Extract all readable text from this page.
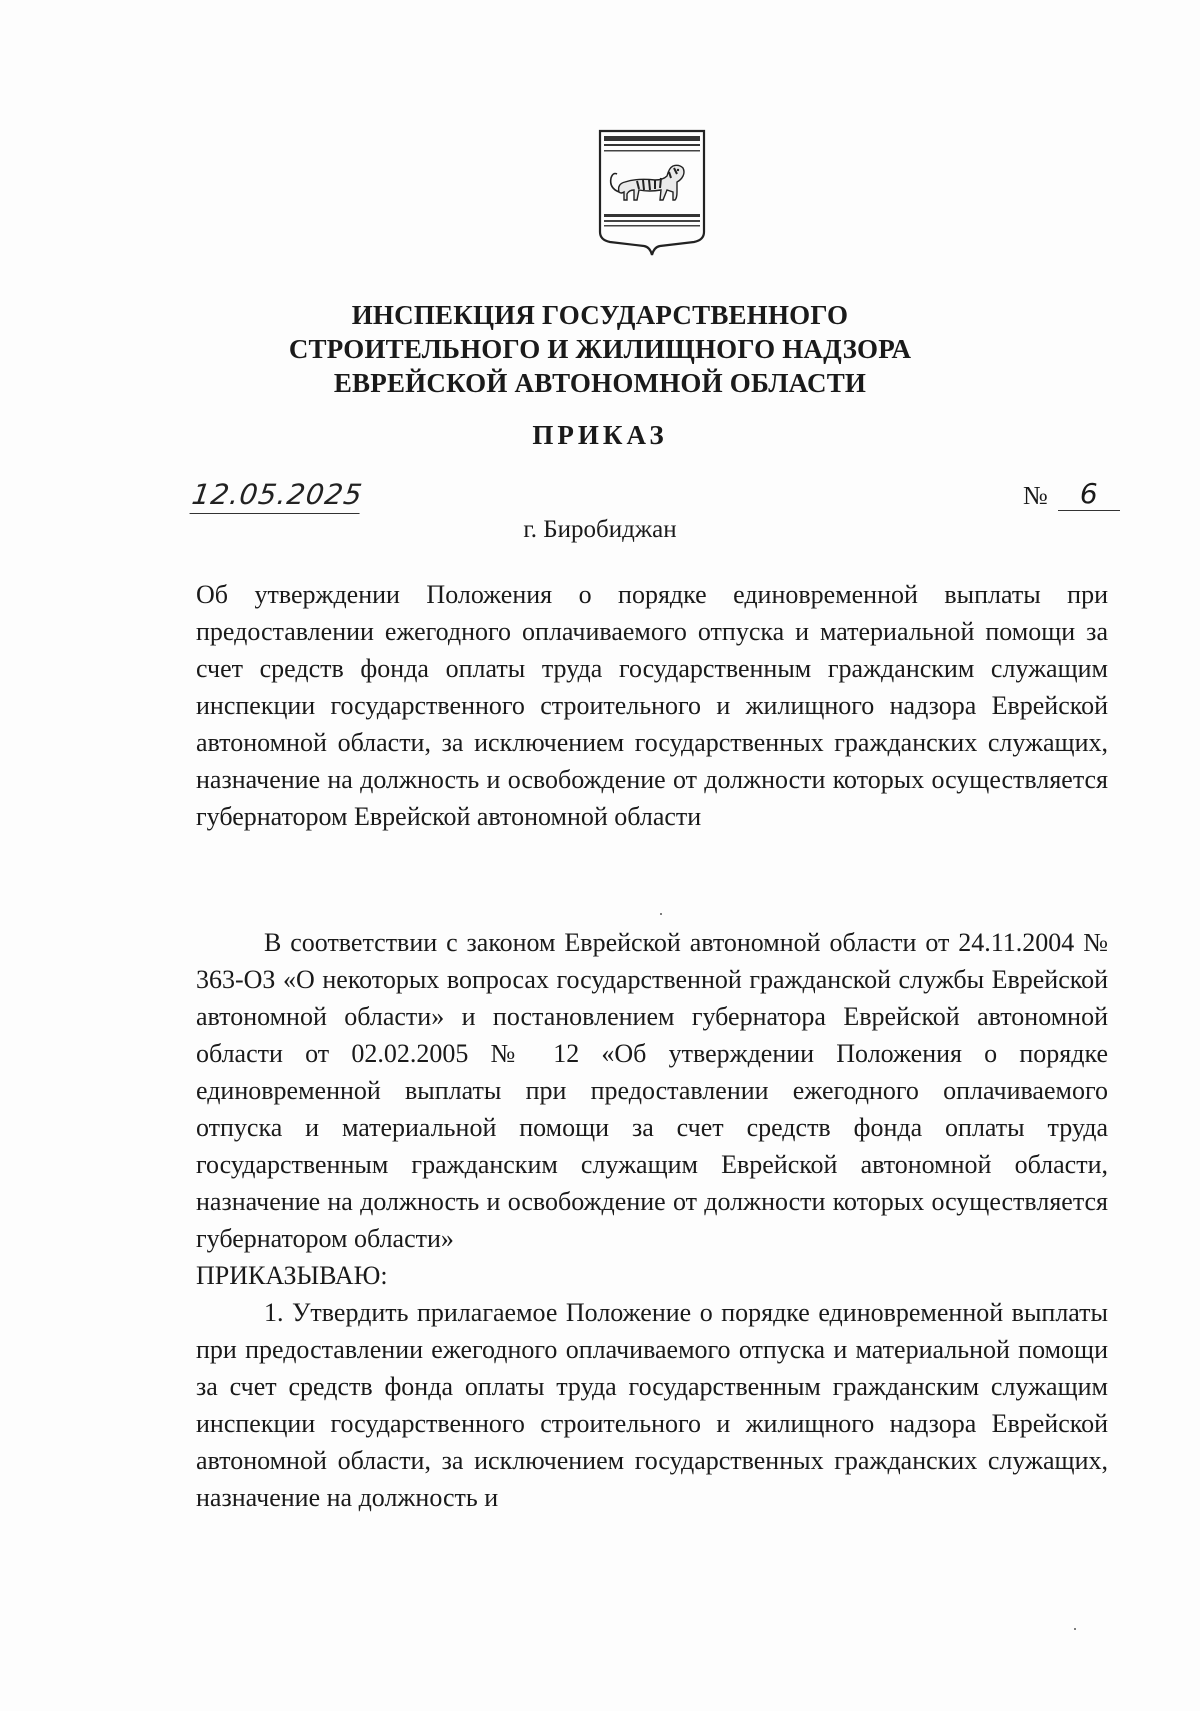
ИНСПЕКЦИЯ ГОСУДАРСТВЕННОГО
СТРОИТЕЛЬНОГО И ЖИЛИЩНОГО НАДЗОРА
ЕВРЕЙСКОЙ АВТОНОМНОЙ ОБЛАСТИ
ПРИКАЗ
12.05.2025	№	6
г. Биробиджан
Об утверждении Положения о порядке единовременной выплаты при предоставлении ежегодного оплачиваемого отпуска и материальной помощи за счет средств фонда оплаты труда государственным гражданским служащим инспекции государственного строительного и жилищного надзора Еврейской автономной области, за исключением государственных гражданских служащих, назначение на должность и освобождение от должности которых осуществляется губернатором Еврейской автономной области

В соответствии с законом Еврейской автономной области от 24.11.2004 № 363-ОЗ «О некоторых вопросах государственной гражданской службы Еврейской автономной области» и постановлением губернатора Еврейской автономной области от 02.02.2005 № 12 «Об утверждении Положения о порядке единовременной выплаты при предоставлении ежегодного оплачиваемого отпуска и материальной помощи за счет средств фонда оплаты труда государственным гражданским служащим Еврейской автономной области, назначение на должность и освобождение от должности которых осуществляется губернатором области»

ПРИКАЗЫВАЮ:

1. Утвердить прилагаемое Положение о порядке единовременной выплаты при предоставлении ежегодного оплачиваемого отпуска и материальной помощи за счет средств фонда оплаты труда государственным гражданским служащим инспекции государственного строительного и жилищного надзора Еврейской автономной области, за исключением государственных гражданских служащих, назначение на должность и
